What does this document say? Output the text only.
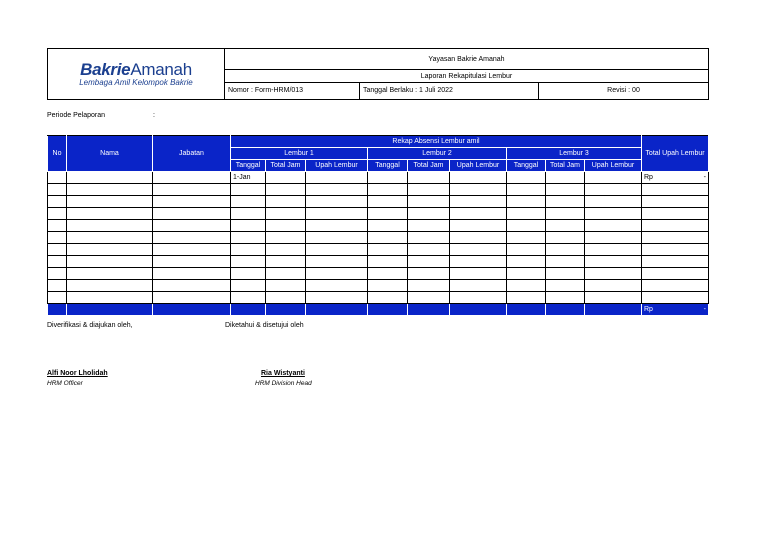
BakrieAmanah
Lembaga Amil Kelompok Bakrie	Yayasan Bakrie Amanah		
	Laporan Rekapitulasi Lembur		
	Nomor : Form-HRM/013	Tanggal Berlaku : 1 Juli 2022	Revisi : 00
Periode Pelaporan	:
No	Nama	Jabatan	Rekap Absensi Lembur amil									Total Upah Lembur
			Lembur 1			Lembur 2			Lembur 3			
			Tanggal	Total Jam	Upah Lembur	Tanggal	Total Jam	Upah Lembur	Tanggal	Total Jam	Upah Lembur	
			1-Jan									Rp -

												Rp -
Diverifikasi & diajukan oleh,
Alfi Noor Lholidah
HRM Officer
Diketahui & disetujui oleh
Ria Wistyanti
HRM Division Head
